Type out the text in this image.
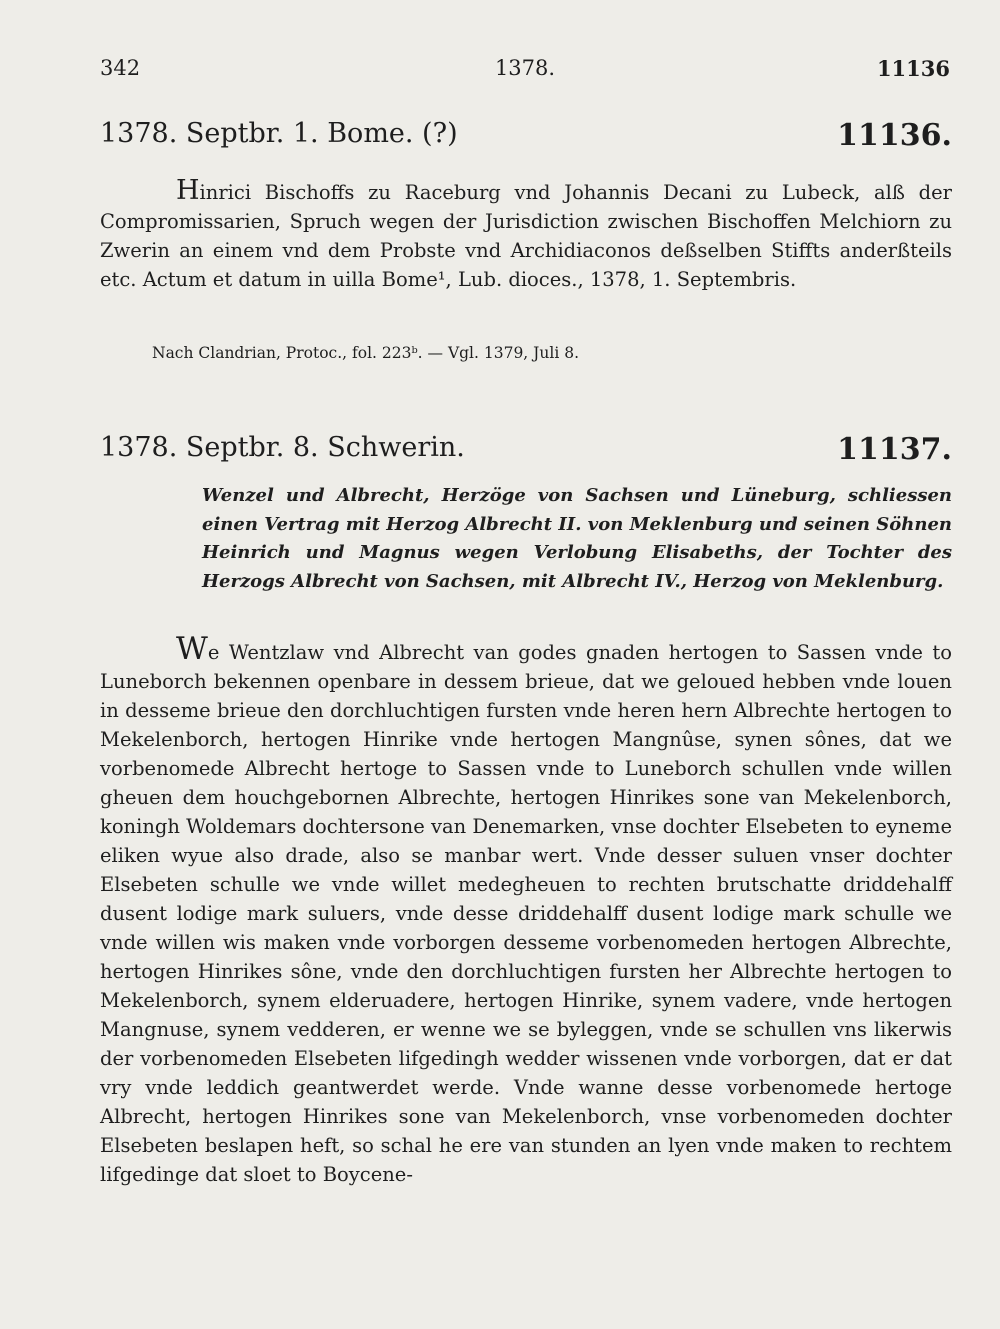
342	1378.	11136
1378. Septbr. 1. Bome. (?)	11136.

Hinrici Bischoffs zu Raceburg vnd Johannis Decani zu Lubeck, alß der Compromissarien, Spruch wegen der Jurisdiction zwischen Bischoffen Melchiorn zu Zwerin an einem vnd dem Probste vnd Archidiaconos deßselben Stiffts anderßteils etc. Actum et datum in uilla Bome¹, Lub. dioces., 1378, 1. Septembris.

Nach Clandrian, Protoc., fol. 223ᵇ. — Vgl. 1379, Juli 8.

1378. Septbr. 8. Schwerin.	11137.

Wenzel und Albrecht, Herzöge von Sachsen und Lüneburg, schliessen einen Vertrag mit Herzog Albrecht II. von Meklenburg und seinen Söhnen Heinrich und Magnus wegen Verlobung Elisabeths, der Tochter des Herzogs Albrecht von Sachsen, mit Albrecht IV., Herzog von Meklenburg.

We Wentzlaw vnd Albrecht van godes gnaden hertogen to Sassen vnde to Luneborch bekennen openbare in dessem brieue, dat we geloued hebben vnde louen in desseme brieue den dorchluchtigen fursten vnde heren hern Albrechte hertogen to Mekelenborch, hertogen Hinrike vnde hertogen Mangnûse, synen sônes, dat we vorbenomede Albrecht hertoge to Sassen vnde to Luneborch schullen vnde willen gheuen dem houchgebornen Albrechte, hertogen Hinrikes sone van Mekelenborch, koningh Woldemars dochtersone van Denemarken, vnse dochter Elsebeten to eyneme eliken wyue also drade, also se manbar wert. Vnde desser suluen vnser dochter Elsebeten schulle we vnde willet medegheuen to rechten brutschatte driddehalff dusent lodige mark suluers, vnde desse driddehalff dusent lodige mark schulle we vnde willen wis maken vnde vorborgen desseme vorbenomeden hertogen Albrechte, hertogen Hinrikes sône, vnde den dorchluchtigen fursten her Albrechte hertogen to Mekelenborch, synem elderuadere, hertogen Hinrike, synem vadere, vnde hertogen Mangnuse, synem vedderen, er wenne we se byleggen, vnde se schullen vns likerwis der vorbenomeden Elsebeten lifgedingh wedder wissenen vnde vorborgen, dat er dat vry vnde leddich geantwerdet werde. Vnde wanne desse vorbenomede hertoge Albrecht, hertogen Hinrikes sone van Mekelenborch, vnse vorbenomeden dochter Elsebeten beslapen heft, so schal he ere van stunden an lyen vnde maken to rechtem lifgedinge dat sloet to Boycene-
